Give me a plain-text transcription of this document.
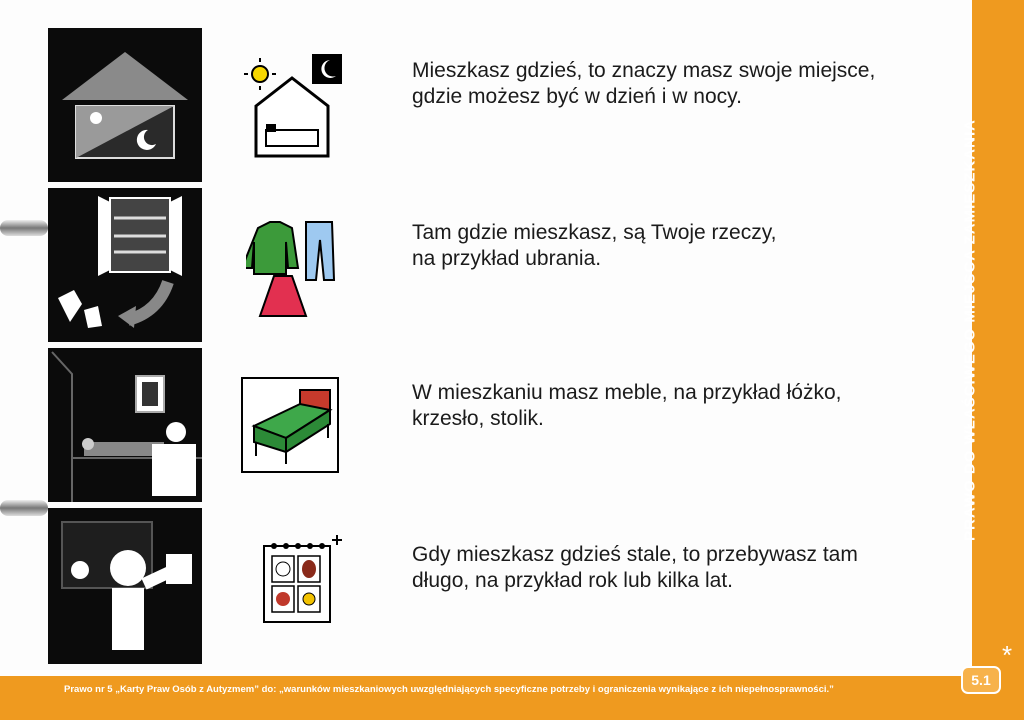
Mieszkasz gdzieś, to znaczy masz swoje miejsce,
gdzie możesz być w dzień i w nocy.
Tam gdzie mieszkasz, są Twoje rzeczy,
na przykład ubrania.
W mieszkaniu masz meble, na przykład łóżko,
krzesło, stolik.
Gdy mieszkasz gdzieś stale, to przebywasz tam
długo, na przykład rok lub kilka lat.
PRAWO DO WŁAŚCIWEGO MIEJSCA ZAMIESZKANIA
*
Prawo nr 5 „Karty Praw Osób z Autyzmem” do: „warunków mieszkaniowych uwzględniających specyficzne potrzeby i ograniczenia wynikające z ich niepełnosprawności.”
5.1
